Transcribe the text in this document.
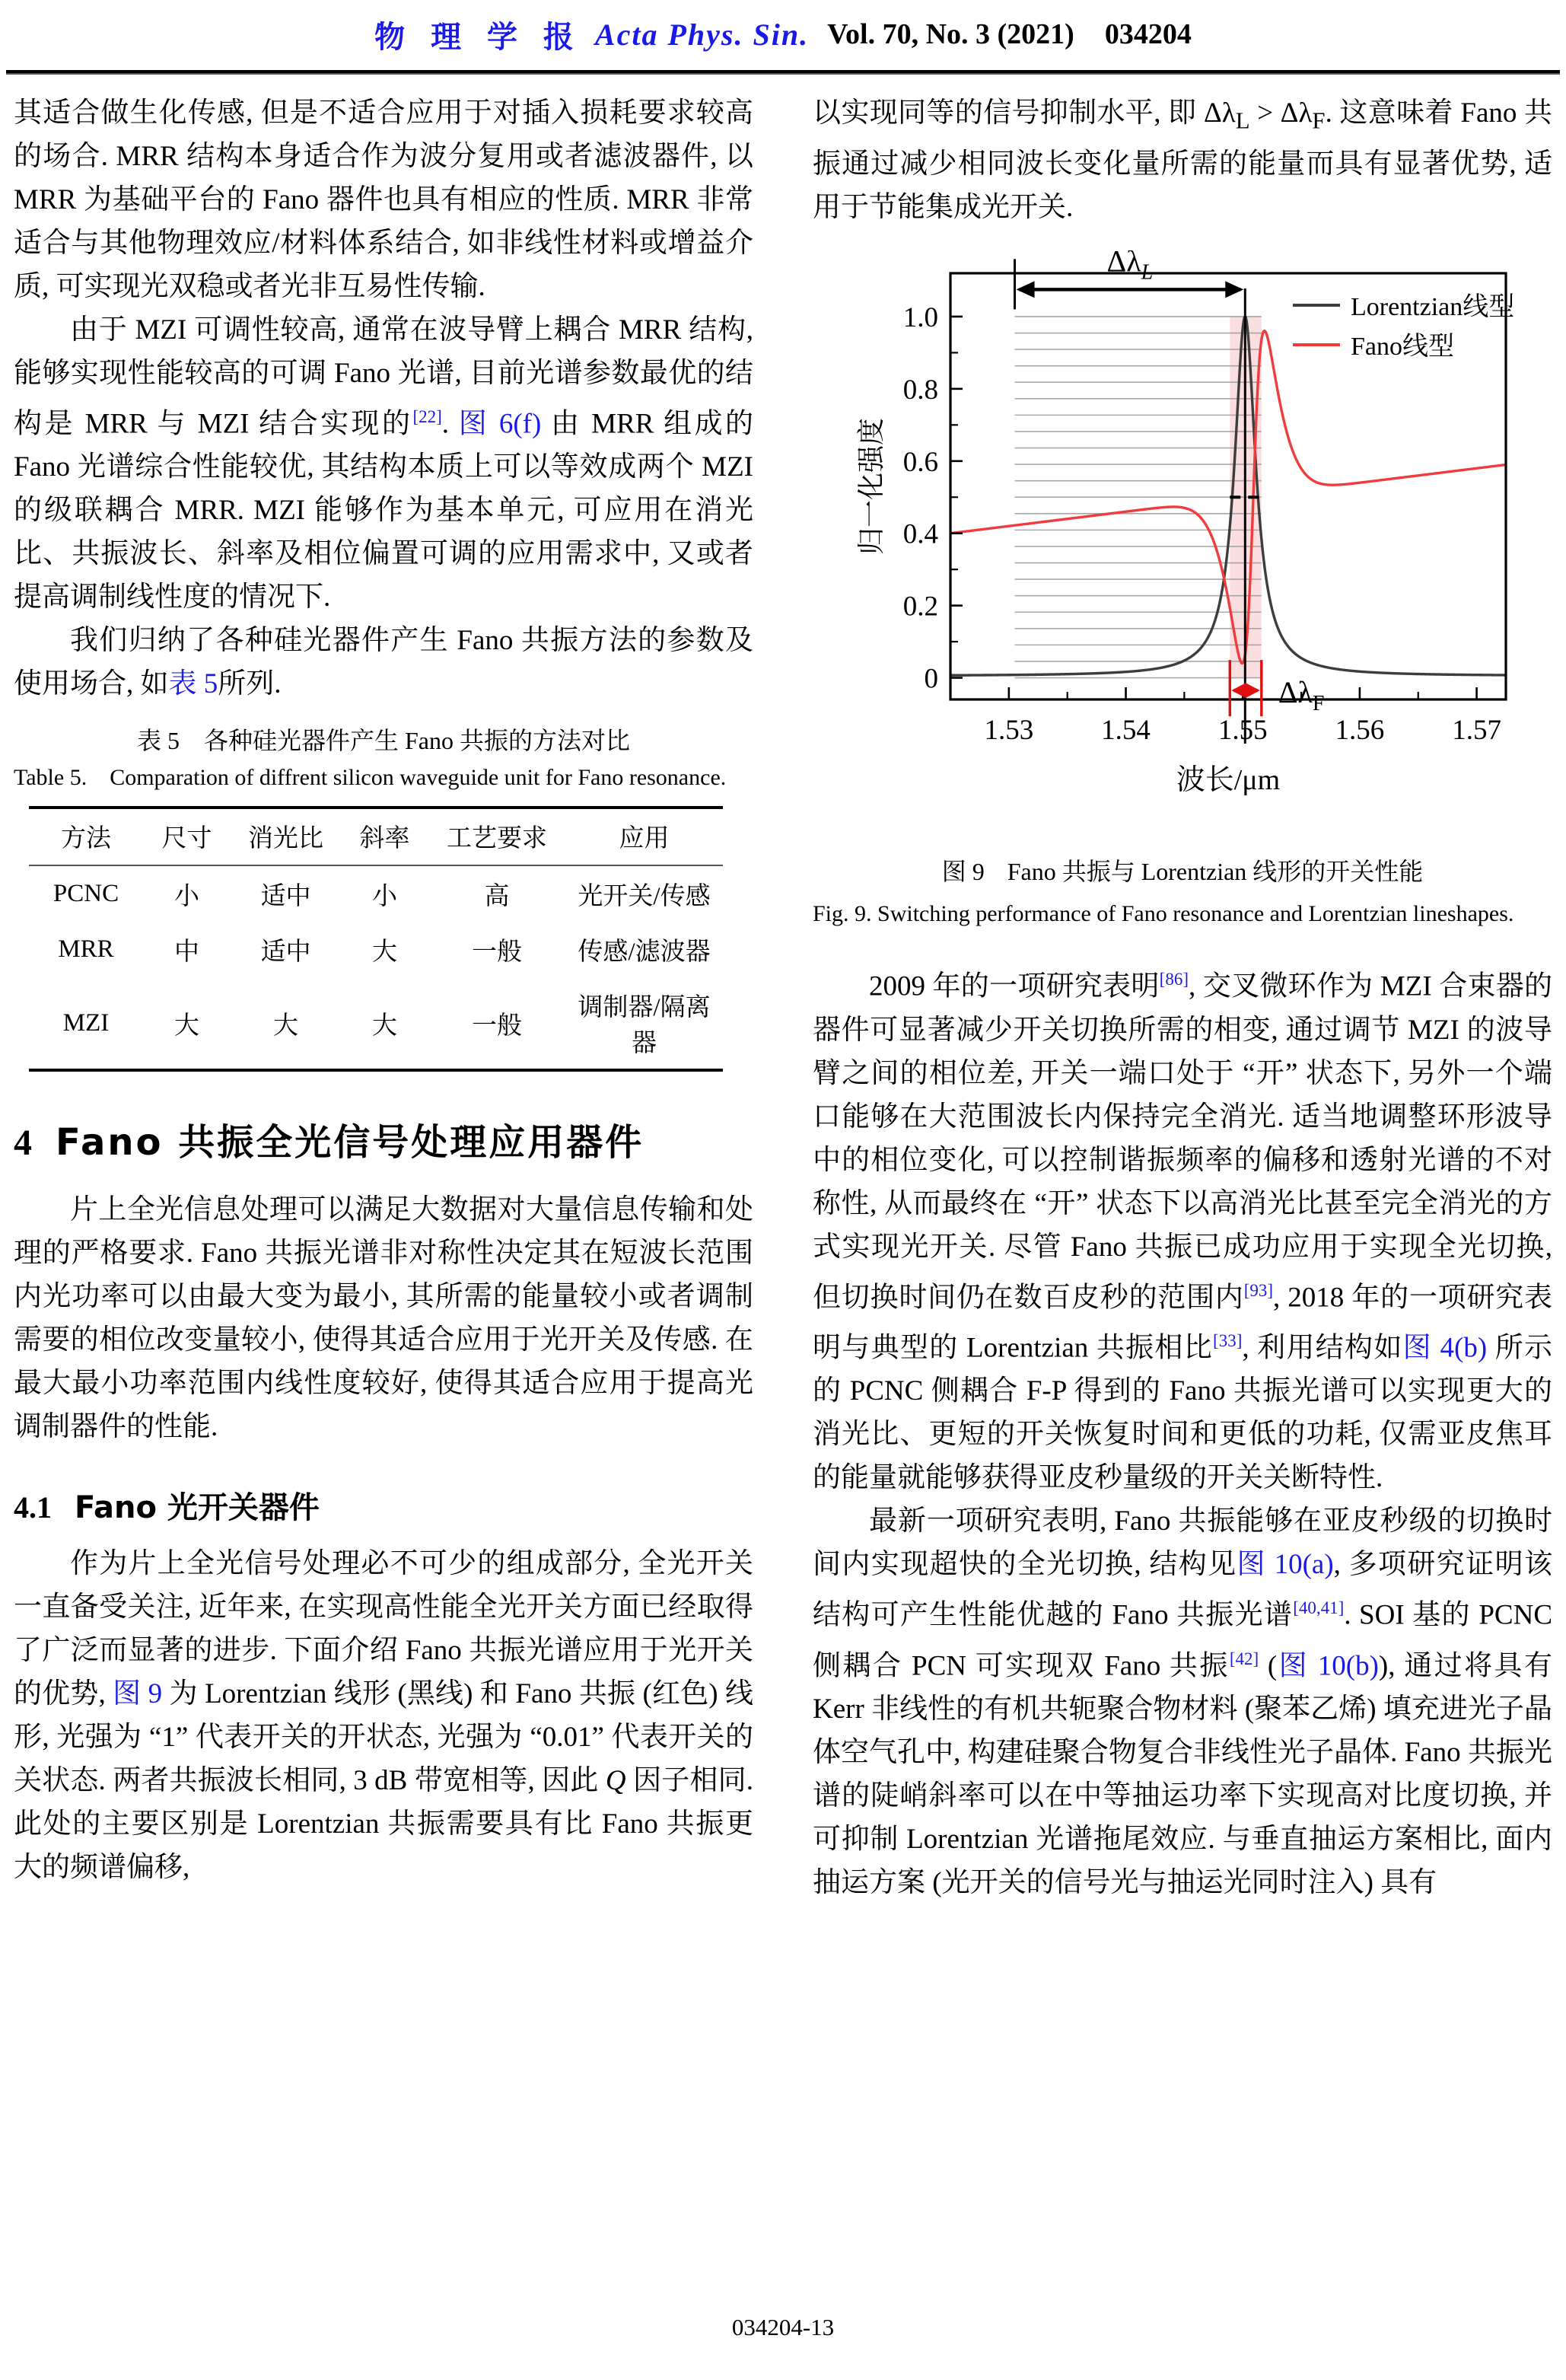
物 理 学 报 Acta Phys. Sin. Vol. 70, No. 3 (2021) 034204

其适合做生化传感, 但是不适合应用于对插入损耗要求较高的场合. MRR 结构本身适合作为波分复用或者滤波器件, 以 MRR 为基础平台的 Fano 器件也具有相应的性质. MRR 非常适合与其他物理效应/材料体系结合, 如非线性材料或增益介质, 可实现光双稳或者光非互易性传输.

由于 MZI 可调性较高, 通常在波导臂上耦合 MRR 结构, 能够实现性能较高的可调 Fano 光谱, 目前光谱参数最优的结构是 MRR 与 MZI 结合实现的[22]. 图 6(f) 由 MRR 组成的 Fano 光谱综合性能较优, 其结构本质上可以等效成两个 MZI 的级联耦合 MRR. MZI 能够作为基本单元, 可应用在消光比、共振波长、斜率及相位偏置可调的应用需求中, 又或者提高调制线性度的情况下.

我们归纳了各种硅光器件产生 Fano 共振方法的参数及使用场合, 如表 5所列.

表 5 各种硅光器件产生 Fano 共振的方法对比
Table 5.  Comparation of diffrent silicon waveguide unit for Fano resonance.
方法	尺寸	消光比	斜率	工艺要求	应用
PCNC	小	适中	小	高	光开关/传感
MRR	中	适中	大	一般	传感/滤波器
MZI	大	大	大	一般	调制器/隔离器
4 Fano 共振全光信号处理应用器件

片上全光信息处理可以满足大数据对大量信息传输和处理的严格要求. Fano 共振光谱非对称性决定其在短波长范围内光功率可以由最大变为最小, 其所需的能量较小或者调制需要的相位改变量较小, 使得其适合应用于光开关及传感. 在最大最小功率范围内线性度较好, 使得其适合应用于提高光调制器件的性能.

4.1 Fano 光开关器件

作为片上全光信号处理必不可少的组成部分, 全光开关一直备受关注, 近年来, 在实现高性能全光开关方面已经取得了广泛而显著的进步. 下面介绍 Fano 共振光谱应用于光开关的优势, 图 9 为 Lorentzian 线形 (黑线) 和 Fano 共振 (红色) 线形, 光强为 “1” 代表开关的开状态, 光强为 “0.01” 代表开关的关状态. 两者共振波长相同, 3 dB 带宽相等, 因此 Q 因子相同. 此处的主要区别是 Lorentzian 共振需要具有比 Fano 共振更大的频谱偏移,

以实现同等的信号抑制水平, 即 $\Delta\lambda_L > \Delta\lambda_F$. 这意味着 Fano 共振通过减少相同波长变化量所需的能量而具有显著优势, 适用于节能集成光开关.

1.53 1.54 1.55 1.56 1.57
0
0.2
0.4
0.6
0.8
1.0
波长/μm
归一化强度
$\Delta\lambda_L$
$\Delta\lambda_F$
Lorentzian线型
Fano线型
图 9 Fano 共振与 Lorentzian 线形的开关性能
Fig. 9. Switching performance of Fano resonance and Lorentzian lineshapes.

2009 年的一项研究表明[86], 交叉微环作为 MZI 合束器的器件可显著减少开关切换所需的相变, 通过调节 MZI 的波导臂之间的相位差, 开关一端口处于 “开” 状态下, 另外一个端口能够在大范围波长内保持完全消光. 适当地调整环形波导中的相位变化, 可以控制谐振频率的偏移和透射光谱的不对称性, 从而最终在 “开” 状态下以高消光比甚至完全消光的方式实现光开关. 尽管 Fano 共振已成功应用于实现全光切换, 但切换时间仍在数百皮秒的范围内[93], 2018 年的一项研究表明与典型的 Lorentzian 共振相比[33], 利用结构如图 4(b) 所示的 PCNC 侧耦合 F-P 得到的 Fano 共振光谱可以实现更大的消光比、更短的开关恢复时间和更低的功耗, 仅需亚皮焦耳的能量就能够获得亚皮秒量级的开关关断特性.

最新一项研究表明, Fano 共振能够在亚皮秒级的切换时间内实现超快的全光切换, 结构见图 10(a), 多项研究证明该结构可产生性能优越的 Fano 共振光谱[40,41]. SOI 基的 PCNC 侧耦合 PCN 可实现双 Fano 共振[42] (图 10(b)), 通过将具有 Kerr 非线性的有机共轭聚合物材料 (聚苯乙烯) 填充进光子晶体空气孔中, 构建硅聚合物复合非线性光子晶体. Fano 共振光谱的陡峭斜率可以在中等抽运功率下实现高对比度切换, 并可抑制 Lorentzian 光谱拖尾效应. 与垂直抽运方案相比, 面内抽运方案 (光开关的信号光与抽运光同时注入) 具有

034204-13
